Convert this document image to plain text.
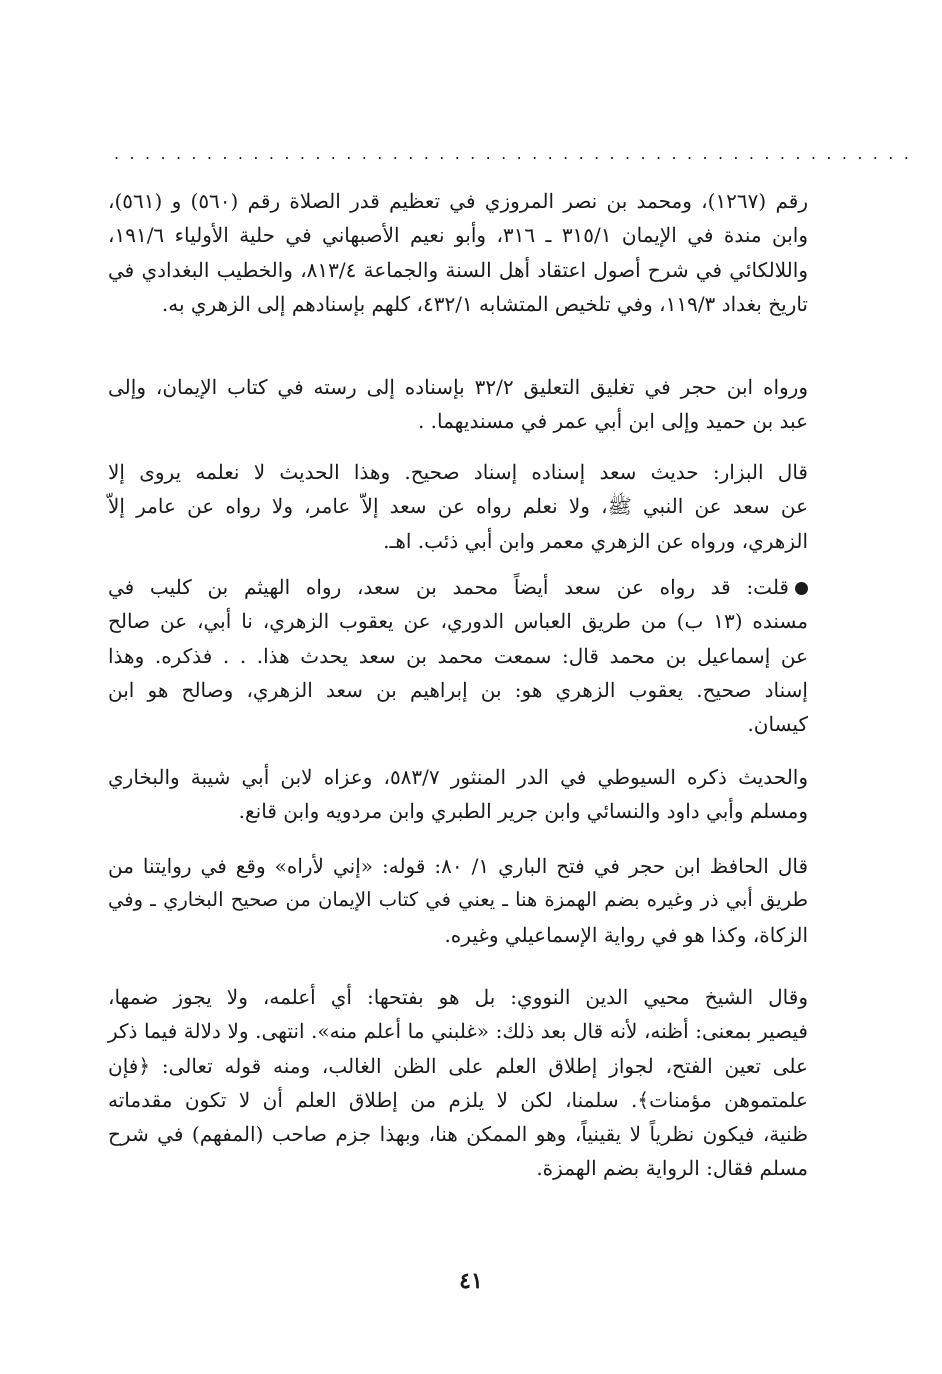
....................................................
رقم (١٢٦٧)، ومحمد بن نصر المروزي في تعظيم قدر الصلاة رقم (٥٦٠) و (٥٦١)،
وابن مندة في الإيمان ٣١٥/١ ـ ٣١٦، وأبو نعيم الأصبهاني في حلية الأولياء ١٩١/٦،
واللالكائي في شرح أصول اعتقاد أهل السنة والجماعة ٨١٣/٤، والخطيب البغدادي في
تاريخ بغداد ١١٩/٣، وفي تلخيص المتشابه ٤٣٢/١، كلهم بإسنادهم إلى الزهري به.
ورواه ابن حجر في تغليق التعليق ٣٢/٢ بإسناده إلى رسته في كتاب الإيمان، وإلى
عبد بن حميد وإلى ابن أبي عمر في مسنديهما. .
قال البزار: حديث سعد إسناده إسناد صحيح. وهذا الحديث لا نعلمه يروى إلا
عن سعد عن النبي ﷺ، ولا نعلم رواه عن سعد إلاّ عامر، ولا رواه عن عامر إلاّ
الزهري، ورواه عن الزهري معمر وابن أبي ذئب. اهـ.
قلت: قد رواه عن سعد أيضاً محمد بن سعد، رواه الهيثم بن كليب في
مسنده (١٣ ب) من طريق العباس الدوري، عن يعقوب الزهري، نا أبي، عن صالح
عن إسماعيل بن محمد قال: سمعت محمد بن سعد يحدث هذا. . . فذكره. وهذا
إسناد صحيح. يعقوب الزهري هو: بن إبراهيم بن سعد الزهري، وصالح هو ابن
كيسان.
والحديث ذكره السيوطي في الدر المنثور ٥٨٣/٧، وعزاه لابن أبي شيبة والبخاري
ومسلم وأبي داود والنسائي وابن جرير الطبري وابن مردويه وابن قانع.
قال الحافظ ابن حجر في فتح الباري ١/ ٨٠: قوله: «إني لأراه» وقع في روايتنا من
طريق أبي ذر وغيره بضم الهمزة هنا ـ يعني في كتاب الإيمان من صحيح البخاري ـ وفي
الزكاة، وكذا هو في رواية الإسماعيلي وغيره.
وقال الشيخ محيي الدين النووي: بل هو بفتحها: أي أعلمه، ولا يجوز ضمها،
فيصير بمعنى: أظنه، لأنه قال بعد ذلك: «غلبني ما أعلم منه». انتهى. ولا دلالة فيما ذكر
على تعين الفتح، لجواز إطلاق العلم على الظن الغالب، ومنه قوله تعالى: ﴿فإن
علمتموهن مؤمنات﴾. سلمنا، لكن لا يلزم من إطلاق العلم أن لا تكون مقدماته
ظنية، فيكون نظرياً لا يقينياً، وهو الممكن هنا، وبهذا جزم صاحب (المفهم) في شرح
مسلم فقال: الرواية بضم الهمزة.
٤١
